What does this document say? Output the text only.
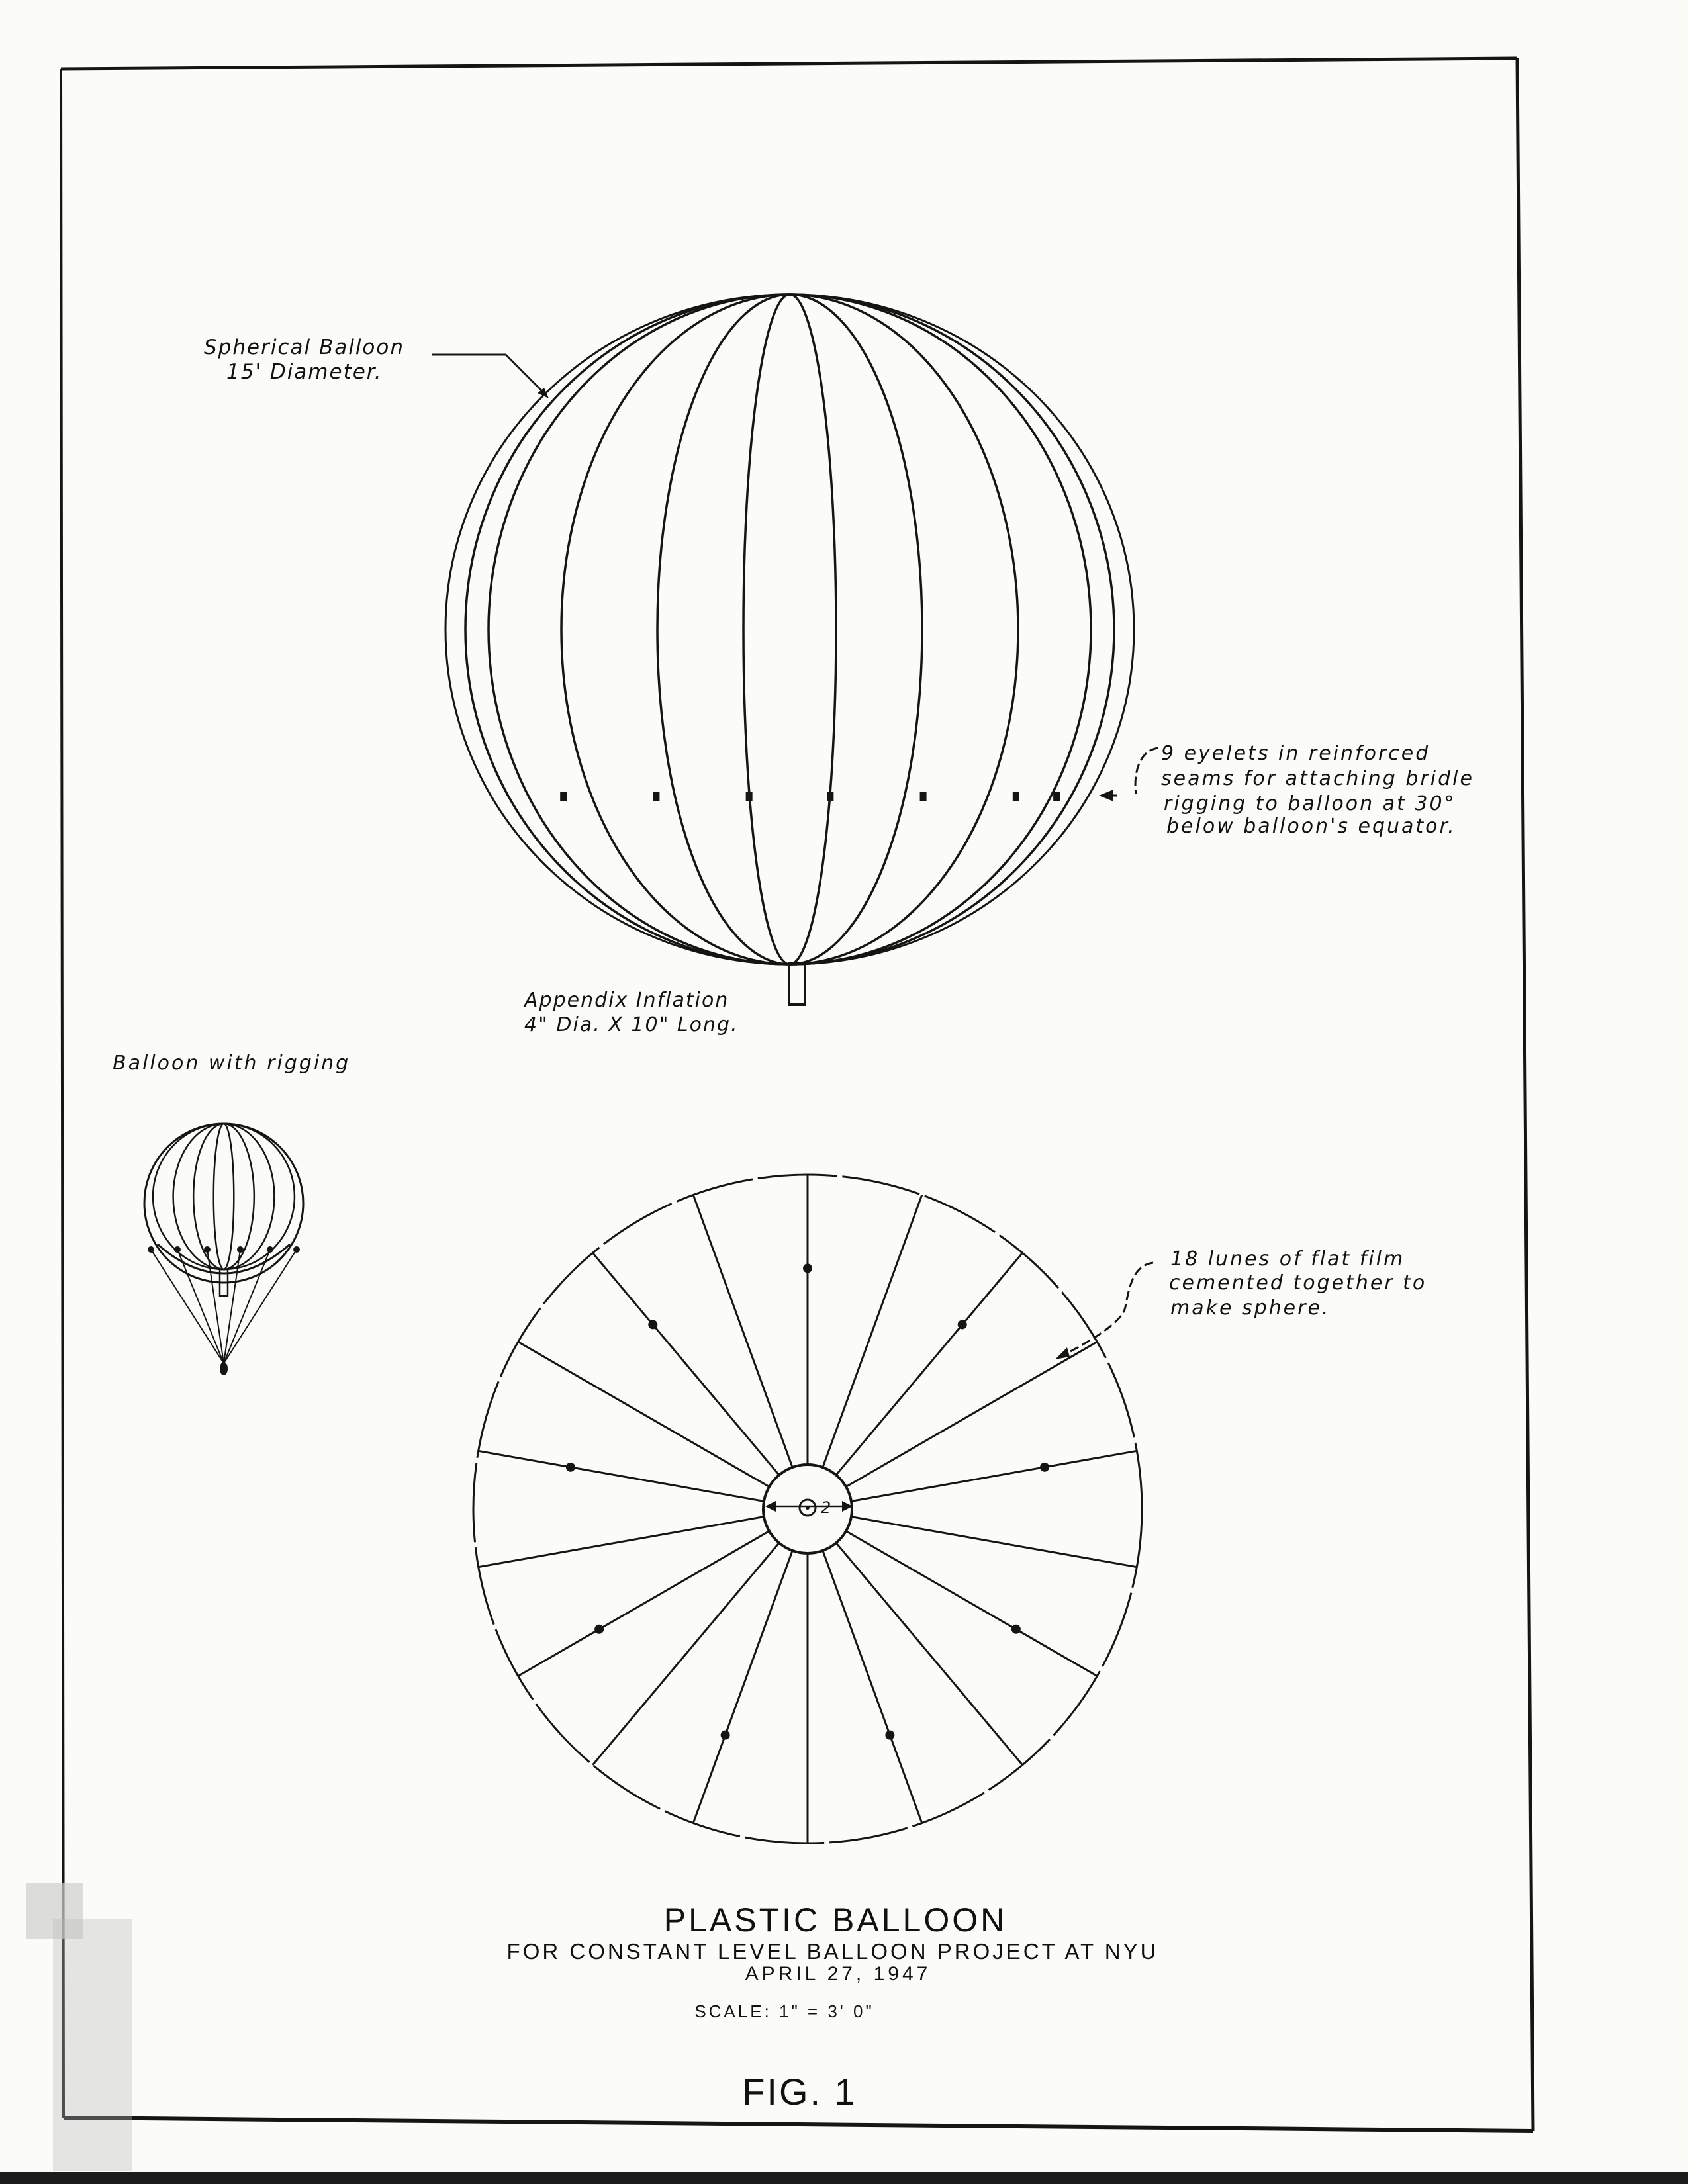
Spherical Balloon
15' Diameter.
9 eyelets in reinforced
seams for attaching bridle
rigging to balloon at 30°
below balloon's equator.
Appendix Inflation
4" Dia. X 10" Long.
Balloon with rigging
18 lunes of flat film
cemented together to
make sphere.
2
PLASTIC BALLOON
FOR CONSTANT LEVEL BALLOON PROJECT AT NYU
APRIL 27, 1947
SCALE: 1" = 3' 0"
FIG. 1
